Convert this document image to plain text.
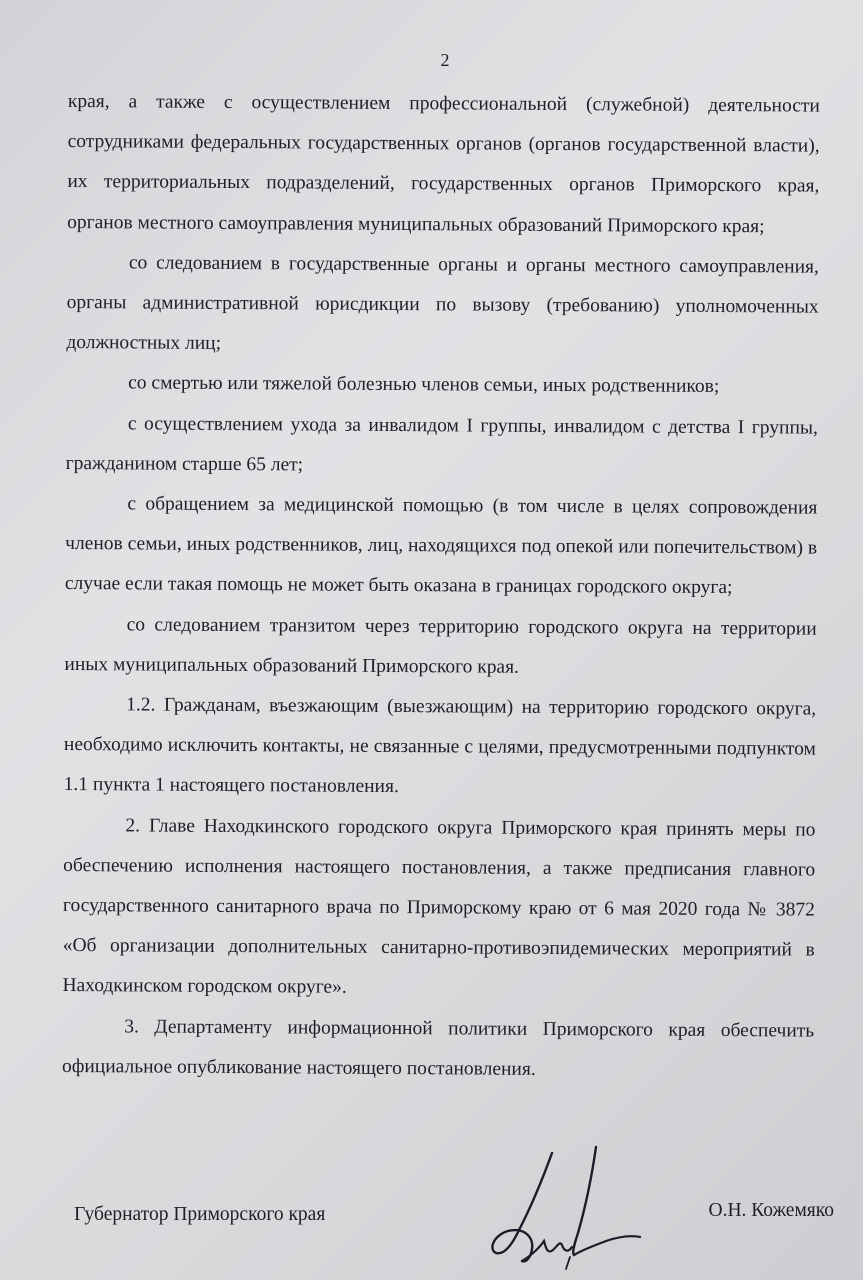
2

края, а также с осуществлением профессиональной (служебной) деятельности сотрудниками федеральных государственных органов (органов государственной власти), их территориальных подразделений, государственных органов Приморского края, органов местного самоуправления муниципальных образований Приморского края;

со следованием в государственные органы и органы местного самоуправления, органы административной юрисдикции по вызову (требованию) уполномоченных должностных лиц;

со смертью или тяжелой болезнью членов семьи, иных родственников;

с осуществлением ухода за инвалидом I группы, инвалидом с детства I группы, гражданином старше 65 лет;

с обращением за медицинской помощью (в том числе в целях сопровождения членов семьи, иных родственников, лиц, находящихся под опекой или попечительством) в случае если такая помощь не может быть оказана в границах городского округа;

со следованием транзитом через территорию городского округа на территории иных муниципальных образований Приморского края.

1.2. Гражданам, въезжающим (выезжающим) на территорию городского округа, необходимо исключить контакты, не связанные с целями, предусмотренными подпунктом 1.1 пункта 1 настоящего постановления.

2. Главе Находкинского городского округа Приморского края принять меры по обеспечению исполнения настоящего постановления, а также предписания главного государственного санитарного врача по Приморскому краю от 6 мая 2020 года № 3872 «Об организации дополнительных санитарно-противоэпидемических мероприятий в Находкинском городском округе».

3. Департаменту информационной политики Приморского края обеспечить официальное опубликование настоящего постановления.

Губернатор Приморского края	О.Н. Кожемяко
